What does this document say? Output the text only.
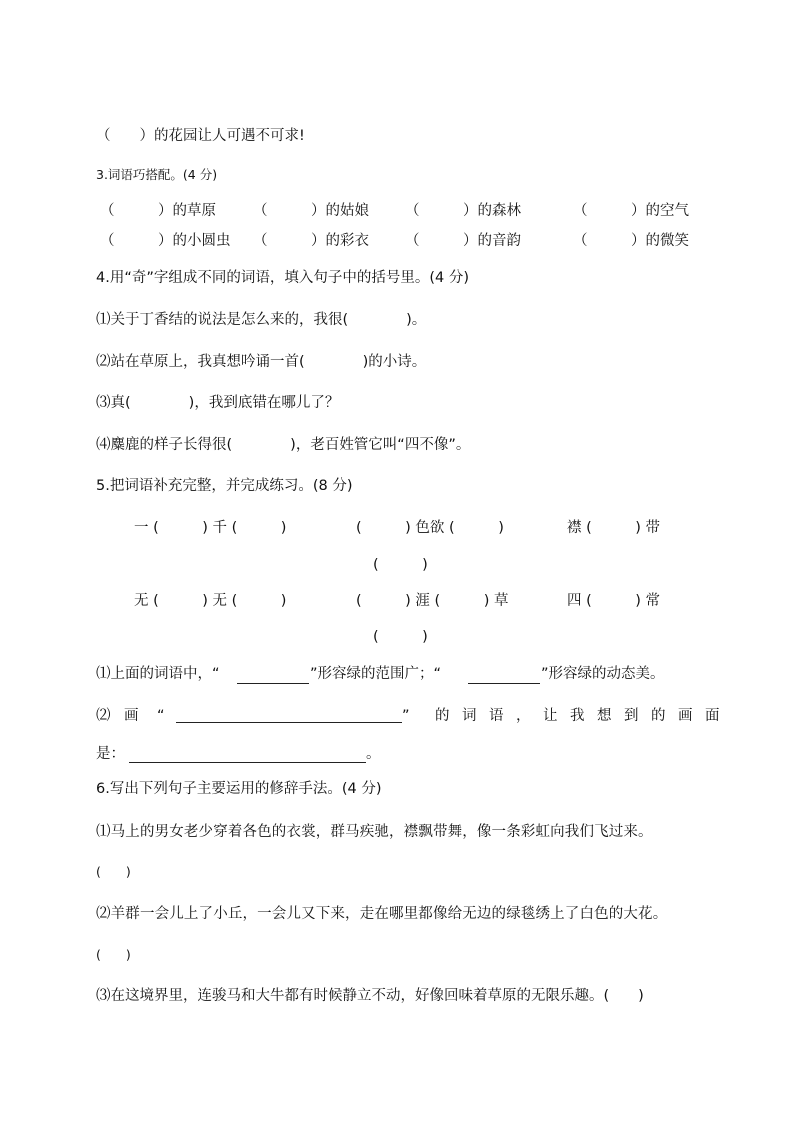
（　　）的花园让人可遇不可求!
3.词语巧搭配。(4 分)
（　　　）的草原	（　　　）的姑娘 （　　　）的森林	（　　　）的空气
（　　　）的小圆虫 （　　　）的彩衣 （　　　）的音韵	（　　　）的微笑
4.用“奇”字组成不同的词语，填入句子中的括号里。(4 分)
⑴关于丁香结的说法是怎么来的，我很(　　　　)。
⑵站在草原上，我真想吟诵一首(　　　　)的小诗。
⑶真(　　　　)，我到底错在哪儿了？
⑷麋鹿的样子长得很(　　　　)，老百姓管它叫“四不像”。
5.把词语补充完整，并完成练习。(8 分)
一 (　　　) 千 (　　　)	(　　　) 色欲 (　　　)	襟 (　　　) 带
(　　　)
无 (　　　) 无 (　　　)	(　　　) 涯 (　　　) 草	四 (　　　) 常
(　　　)
⑴上面的词语中，“	”形容绿的范围广；“	”形容绿的动态美。
⑵ 画 “	” 的 词 语 ， 让 我 想 到 的 画 面
是：	。
6.写出下列句子主要运用的修辞手法。(4 分)
⑴马上的男女老少穿着各色的衣裳，群马疾驰，襟飘带舞，像一条彩虹向我们飞过来。
(　　)
⑵羊群一会儿上了小丘，一会儿又下来，走在哪里都像给无边的绿毯绣上了白色的大花。
(　　)
⑶在这境界里，连骏马和大牛都有时候静立不动，好像回味着草原的无限乐趣。(　　)
